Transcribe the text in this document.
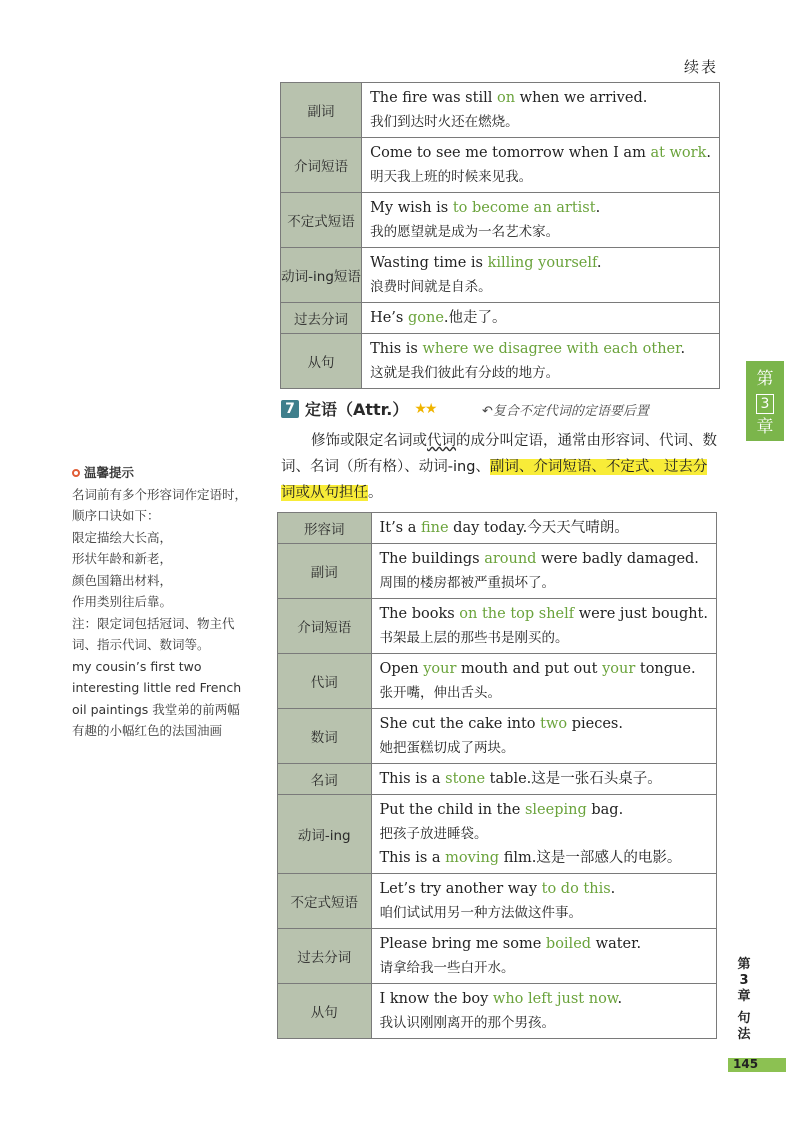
续表
副词	The fire was still on when we arrived.
我们到达时火还在燃烧。

介词短语	Come to see me tomorrow when I am at work.
明天我上班的时候来见我。

不定式短语	My wish is to become an artist.
我的愿望就是成为一名艺术家。

动词-ing短语	Wasting time is killing yourself.
浪费时间就是自杀。

过去分词	He’s gone.他走了。

从句	This is where we disagree with each other.
这就是我们彼此有分歧的地方。
7 定语（Attr.） ★★	↶复合不定代词的定语要后置
修饰或限定名词或代词的成分叫定语，通常由形容词、代词、数词、名词（所有格）、动词-ing、副词、介词短语、不定式、过去分词或从句担任。
温馨提示

名词前有多个形容词作定语时，顺序口诀如下：

限定描绘大长高，

形状年龄和新老，

颜色国籍出材料，

作用类别往后靠。

注：限定词包括冠词、物主代词、指示代词、数词等。

my cousin’s first two interesting little red French oil paintings 我堂弟的前两幅有趣的小幅红色的法国油画

形容词	It’s a fine day today.今天天气晴朗。

副词	The buildings around were badly damaged.
周围的楼房都被严重损坏了。

介词短语	The books on the top shelf were just bought.
书架最上层的那些书是刚买的。

代词	Open your mouth and put out your tongue.
张开嘴，伸出舌头。

数词	She cut the cake into two pieces.
她把蛋糕切成了两块。

名词	This is a stone table.这是一张石头桌子。

动词-ing	Put the child in the sleeping bag.
把孩子放进睡袋。
This is a moving film.这是一部感人的电影。

不定式短语	Let’s try another way to do this.
咱们试试用另一种方法做这件事。

过去分词	Please bring me some boiled water.
请拿给我一些白开水。

从句	I know the boy who left just now.
我认识刚刚离开的那个男孩。
第
3
章
第
3
章
句
法
145
